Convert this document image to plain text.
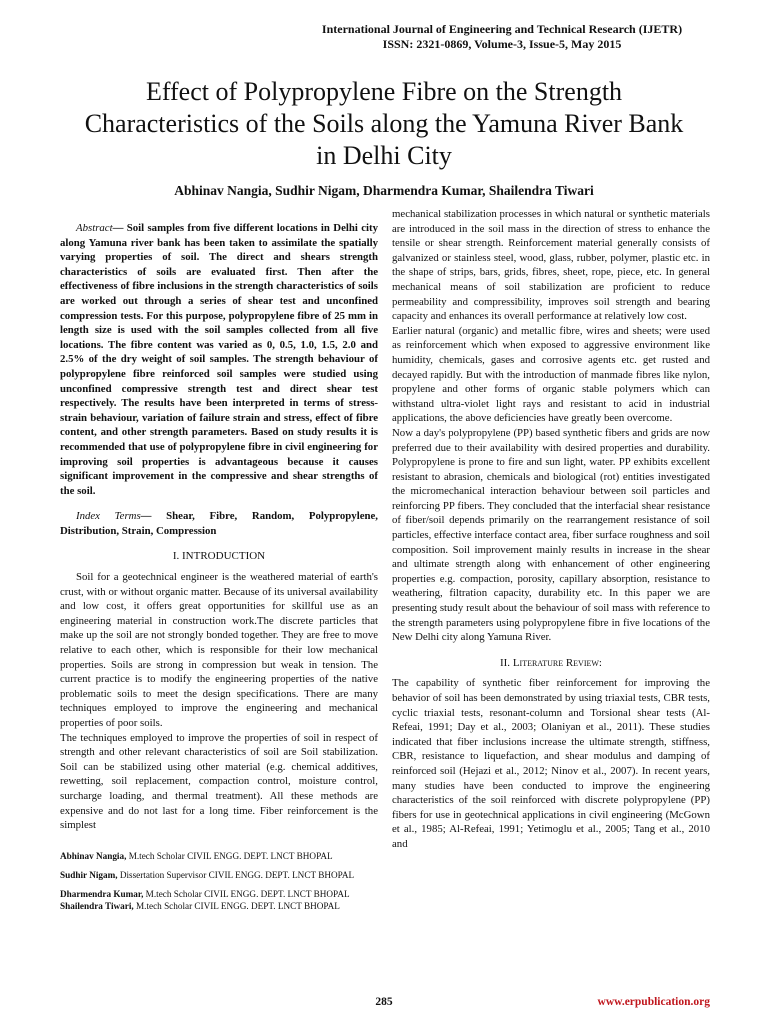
International Journal of Engineering and Technical Research (IJETR)
ISSN: 2321-0869, Volume-3, Issue-5, May 2015
Effect of Polypropylene Fibre on the Strength Characteristics of the Soils along the Yamuna River Bank in Delhi City
Abhinav Nangia, Sudhir Nigam, Dharmendra Kumar, Shailendra Tiwari

Abstract— Soil samples from five different locations in Delhi city along Yamuna river bank has been taken to assimilate the spatially varying properties of soil. The direct and shears strength characteristics of soils are evaluated first. Then after the effectiveness of fibre inclusions in the strength characteristics of soils are worked out through a series of shear test and unconfined compression tests. For this purpose, polypropylene fibre of 25 mm in length size is used with the soil samples collected from all five locations. The fibre content was varied as 0, 0.5, 1.0, 1.5, 2.0 and 2.5% of the dry weight of soil samples. The strength behaviour of polypropylene fibre reinforced soil samples were studied using unconfined compressive strength test and direct shear test respectively. The results have been interpreted in terms of stress-strain behaviour, variation of failure strain and stress, effect of fibre content, and other strength parameters. Based on study results it is recommended that use of polypropylene fibre in civil engineering for improving soil properties is advantageous because it causes significant improvement in the compressive and shear strengths of the soil.

Index Terms— Shear, Fibre, Random, Polypropylene, Distribution, Strain, Compression

I. INTRODUCTION

Soil for a geotechnical engineer is the weathered material of earth's crust, with or without organic matter. Because of its universal availability and low cost, it offers great opportunities for skillful use as an engineering material in construction work.The discrete particles that make up the soil are not strongly bonded together. They are free to move relative to each other, which is responsible for their low mechanical properties. Soils are strong in compression but weak in tension. The current practice is to modify the engineering properties of the native problematic soils to meet the design specifications. There are many techniques employed to improve the engineering and mechanical properties of poor soils.

The techniques employed to improve the properties of soil in respect of strength and other relevant characteristics of soil are Soil stabilization. Soil can be stabilized using other material (e.g. chemical additives, rewetting, soil replacement, compaction control, moisture control, surcharge loading, and thermal treatment). All these methods are expensive and do not last for a long time. Fiber reinforcement is the simplest

Abhinav Nangia, M.tech Scholar CIVIL ENGG. DEPT. LNCT BHOPAL

Sudhir Nigam, Dissertation Supervisor CIVIL ENGG. DEPT. LNCT BHOPAL

Dharmendra Kumar, M.tech Scholar CIVIL ENGG. DEPT. LNCT BHOPAL

Shailendra Tiwari, M.tech Scholar CIVIL ENGG. DEPT. LNCT BHOPAL

mechanical stabilization processes in which natural or synthetic materials are introduced in the soil mass in the direction of stress to enhance the tensile or shear strength. Reinforcement material generally consists of galvanized or stainless steel, wood, glass, rubber, polymer, plastic etc. in the shape of strips, bars, grids, fibres, sheet, rope, piece, etc. In general mechanical means of soil stabilization are proficient to reduce permeability and compressibility, improves soil strength and bearing capacity and enhances its overall performance at relatively low cost.

Earlier natural (organic) and metallic fibre, wires and sheets; were used as reinforcement which when exposed to aggressive environment like humidity, chemicals, gases and corrosive agents etc. get rusted and decayed rapidly. But with the introduction of manmade fibres like nylon, propylene and other forms of organic stable polymers which can withstand ultra-violet light rays and resistant to acid in industrial applications, the above deficiencies have greatly been overcome.

Now a day's polypropylene (PP) based synthetic fibers and grids are now preferred due to their availability with desired properties and durability. Polypropylene is prone to fire and sun light, water. PP exhibits excellent resistant to abrasion, chemicals and biological (rot) entities investigated the micromechanical interaction behaviour between soil particles and reinforcing PP fibers. They concluded that the interfacial shear resistance of fiber/soil depends primarily on the rearrangement resistance of soil particles, effective interface contact area, fiber surface roughness and soil composition. Soil improvement mainly results in increase in the shear and ultimate strength along with enhancement of other engineering properties e.g. compaction, porosity, capillary absorption, resistance to weathering, filtration capacity, durability etc. In this paper we are presenting study result about the behaviour of soil mass with reference to the strength parameters using polypropylene fibre in five locations of the New Delhi city along Yamuna River.

II. Literature Review:

The capability of synthetic fiber reinforcement for improving the behavior of soil has been demonstrated by using triaxial tests, CBR tests, cyclic triaxial tests, resonant-column and Torsional shear tests (Al-Refeai, 1991; Day et al., 2003; Olaniyan et al., 2011). These studies indicated that fiber inclusions increase the ultimate strength, stiffness, CBR, resistance to liquefaction, and shear modulus and damping of reinforced soil (Hejazi et al., 2012; Ninov et al., 2007). In recent years, many studies have been conducted to improve the engineering characteristics of the soil reinforced with discrete polypropylene (PP) fibers for use in geotechnical applications in civil engineering (McGown et al., 1985; Al-Refeai, 1991; Yetimoglu et al., 2005; Tang et al., 2010 and

285	www.erpublication.org
